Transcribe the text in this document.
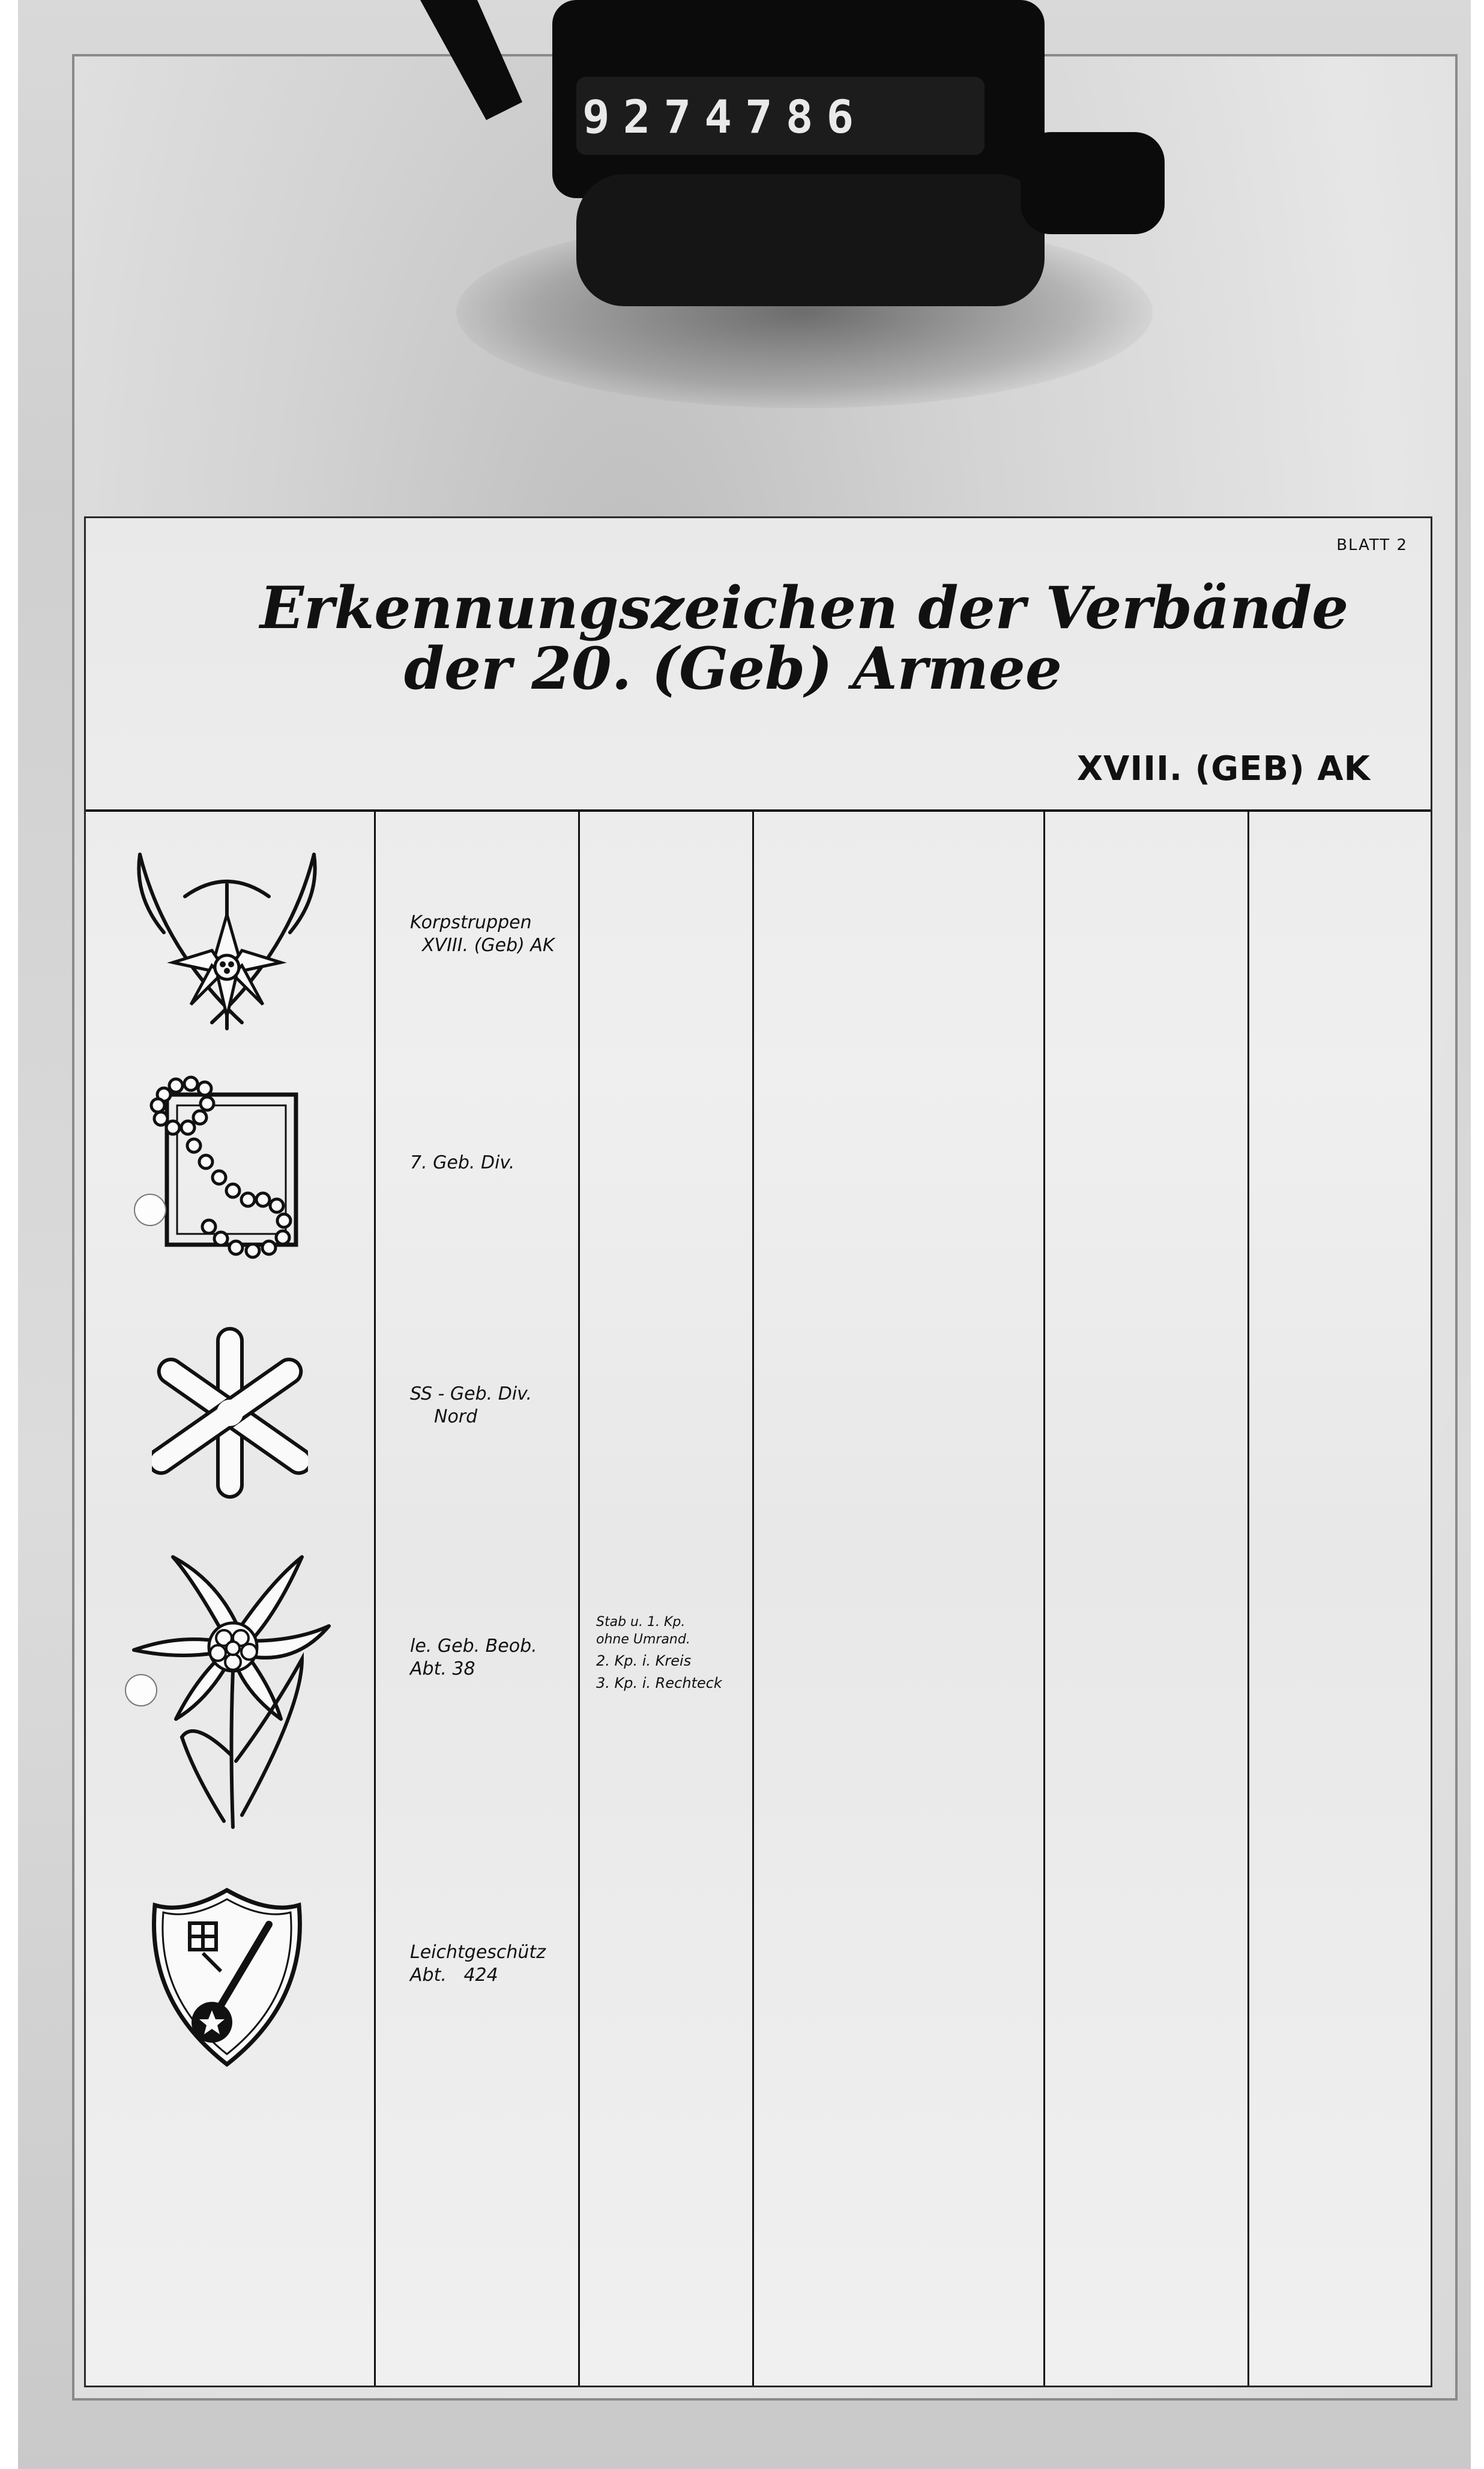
9274786
BLATT 2
Erkennungszeichen der Verbände
der 20. (Geb) Armee
XVIII. (GEB) AK
Korpstruppen
XVIII. (Geb) AK
7. Geb. Div.
SS - Geb. Div.
Nord
le. Geb. Beob.
Abt. 38
Stab u. 1. Kp.
ohne Umrand.
2. Kp. i. Kreis
3. Kp. i. Rechteck
Leichtgeschütz
Abt.   424
